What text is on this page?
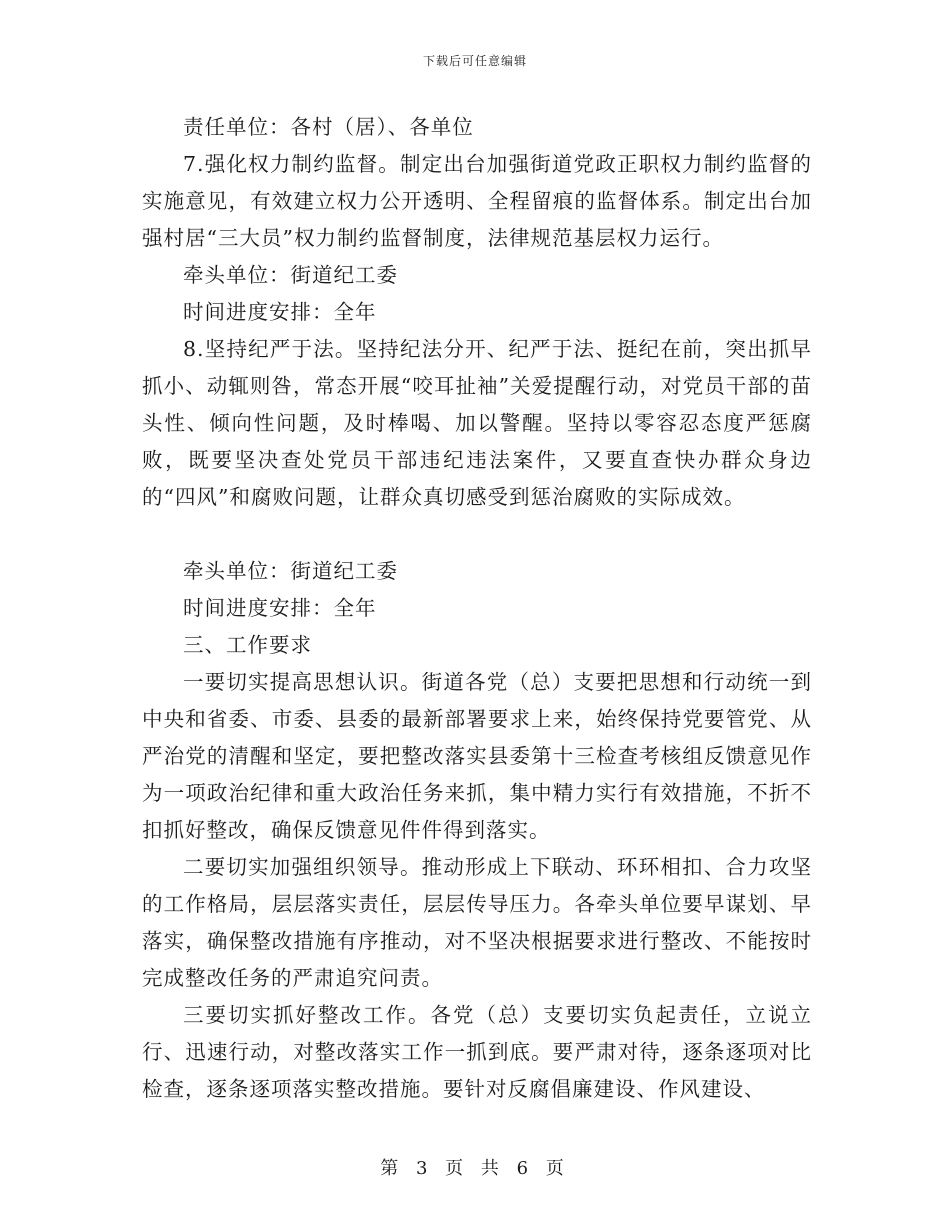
下载后可任意编辑

责任单位：各村（居）、各单位

7.强化权力制约监督。制定出台加强街道党政正职权力制约监督的实施意见，有效建立权力公开透明、全程留痕的监督体系。制定出台加强村居“三大员”权力制约监督制度，法律规范基层权力运行。

牵头单位：街道纪工委

时间进度安排：全年

8.坚持纪严于法。坚持纪法分开、纪严于法、挺纪在前，突出抓早抓小、动辄则咎，常态开展“咬耳扯袖”关爱提醒行动，对党员干部的苗头性、倾向性问题，及时棒喝、加以警醒。坚持以零容忍态度严惩腐败，既要坚决查处党员干部违纪违法案件，又要直查快办群众身边的“四风”和腐败问题，让群众真切感受到惩治腐败的实际成效。

牵头单位：街道纪工委

时间进度安排：全年

三、工作要求

一要切实提高思想认识。街道各党（总）支要把思想和行动统一到中央和省委、市委、县委的最新部署要求上来，始终保持党要管党、从严治党的清醒和坚定，要把整改落实县委第十三检查考核组反馈意见作为一项政治纪律和重大政治任务来抓，集中精力实行有效措施，不折不扣抓好整改，确保反馈意见件件得到落实。

二要切实加强组织领导。推动形成上下联动、环环相扣、合力攻坚的工作格局，层层落实责任，层层传导压力。各牵头单位要早谋划、早落实，确保整改措施有序推动，对不坚决根据要求进行整改、不能按时完成整改任务的严肃追究问责。

三要切实抓好整改工作。各党（总）支要切实负起责任，立说立行、迅速行动，对整改落实工作一抓到底。要严肃对待，逐条逐项对比检查，逐条逐项落实整改措施。要针对反腐倡廉建设、作风建设、

第 3 页 共 6 页
